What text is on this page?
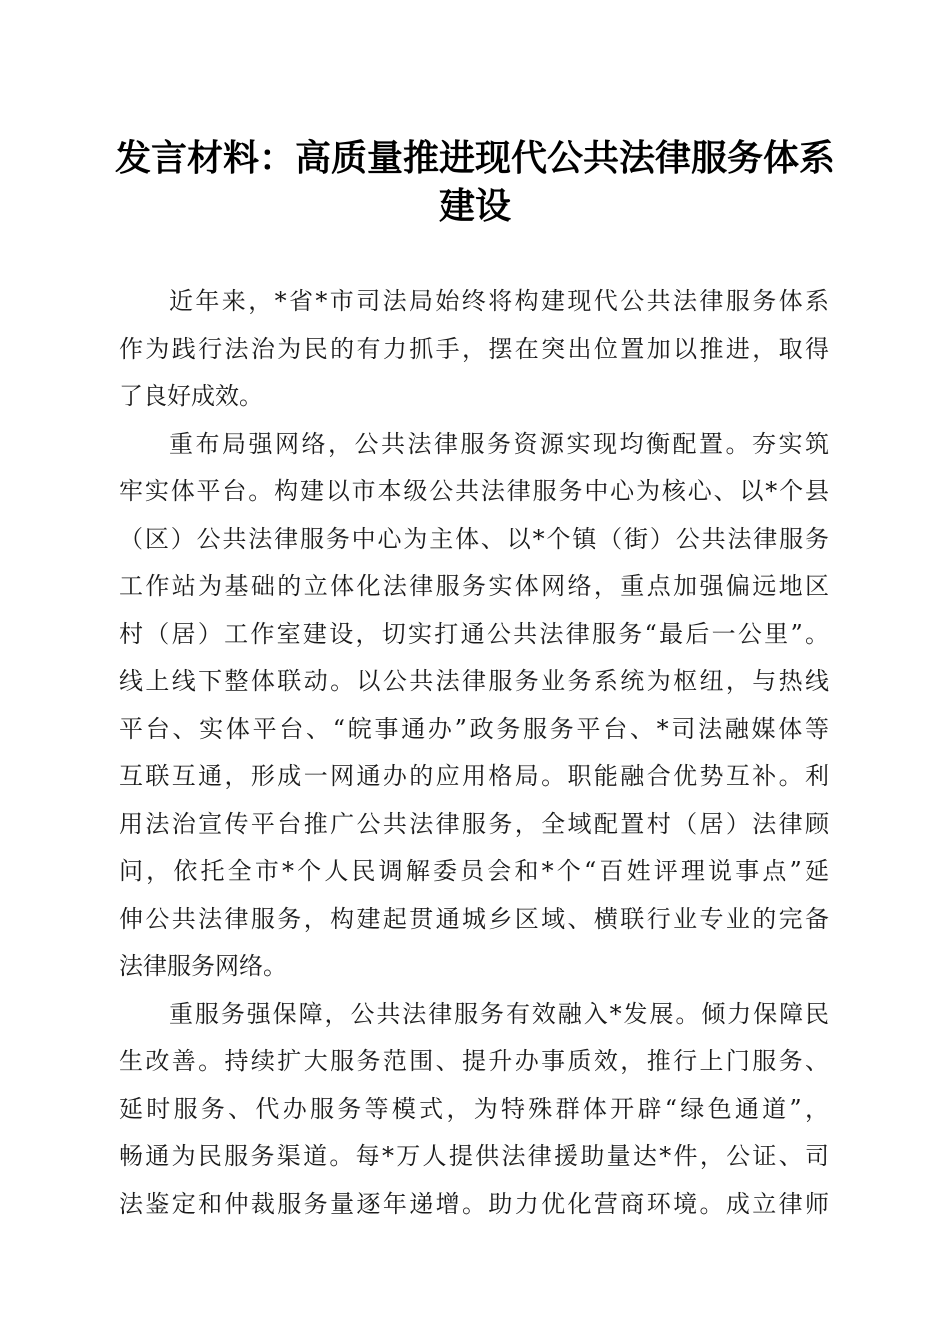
发言材料：高质量推进现代公共法律服务体系
建设
近年来，*省*市司法局始终将构建现代公共法律服务体系
作为践行法治为民的有力抓手，摆在突出位置加以推进，取得
了良好成效。
重布局强网络，公共法律服务资源实现均衡配置。夯实筑
牢实体平台。构建以市本级公共法律服务中心为核心、以*个县
（区）公共法律服务中心为主体、以*个镇（街）公共法律服务
工作站为基础的立体化法律服务实体网络，重点加强偏远地区
村（居）工作室建设，切实打通公共法律服务“最后一公里”。
线上线下整体联动。以公共法律服务业务系统为枢纽，与热线
平台、实体平台、“皖事通办”政务服务平台、*司法融媒体等
互联互通，形成一网通办的应用格局。职能融合优势互补。利
用法治宣传平台推广公共法律服务，全域配置村（居）法律顾
问，依托全市*个人民调解委员会和*个“百姓评理说事点”延
伸公共法律服务，构建起贯通城乡区域、横联行业专业的完备
法律服务网络。
重服务强保障，公共法律服务有效融入*发展。倾力保障民
生改善。持续扩大服务范围、提升办事质效，推行上门服务、
延时服务、代办服务等模式，为特殊群体开辟“绿色通道”，
畅通为民服务渠道。每*万人提供法律援助量达*件，公证、司
法鉴定和仲裁服务量逐年递增。助力优化营商环境。成立律师
